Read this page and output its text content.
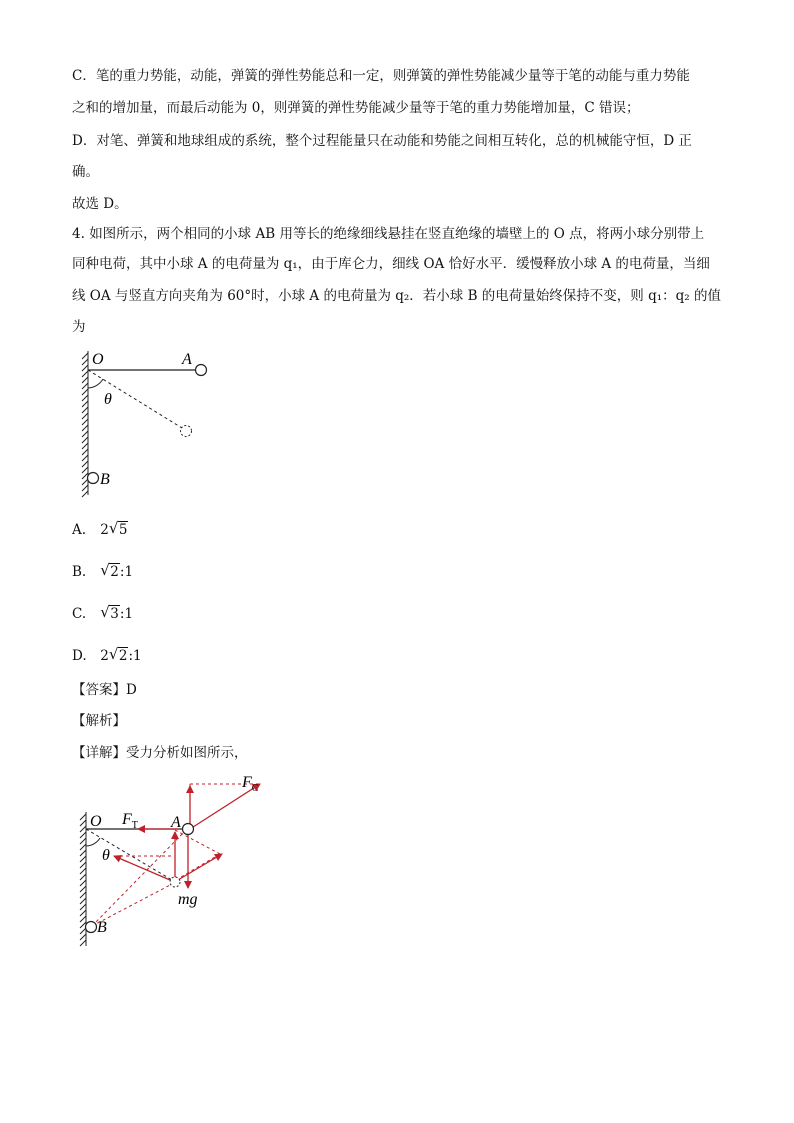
C．笔的重力势能，动能，弹簧的弹性势能总和一定，则弹簧的弹性势能减少量等于笔的动能与重力势能
之和的增加量，而最后动能为 0，则弹簧的弹性势能减少量等于笔的重力势能增加量，C 错误；
D．对笔、弹簧和地球组成的系统，整个过程能量只在动能和势能之间相互转化，总的机械能守恒，D 正
确。
故选 D。
4. 如图所示，两个相同的小球 AB 用等长的绝缘细线悬挂在竖直绝缘的墙壁上的 O 点，将两小球分别带上
同种电荷，其中小球 A 的电荷量为 q₁，由于库仑力，细线 OA 恰好水平．缓慢释放小球 A 的电荷量，当细
线 OA 与竖直方向夹角为 60°时，小球 A 的电荷量为 q₂．若小球 B 的电荷量始终保持不变，则 q₁：q₂ 的值
为
O	A
θ
B
A. 2 √ 5
B. √ 2:1
C. √ 3:1
D. 2 √ 2:1
【答案】D
【解析】
【详解】受力分析如图所示，
O	A
θ
B
$F_T$
$F_C$
mg
